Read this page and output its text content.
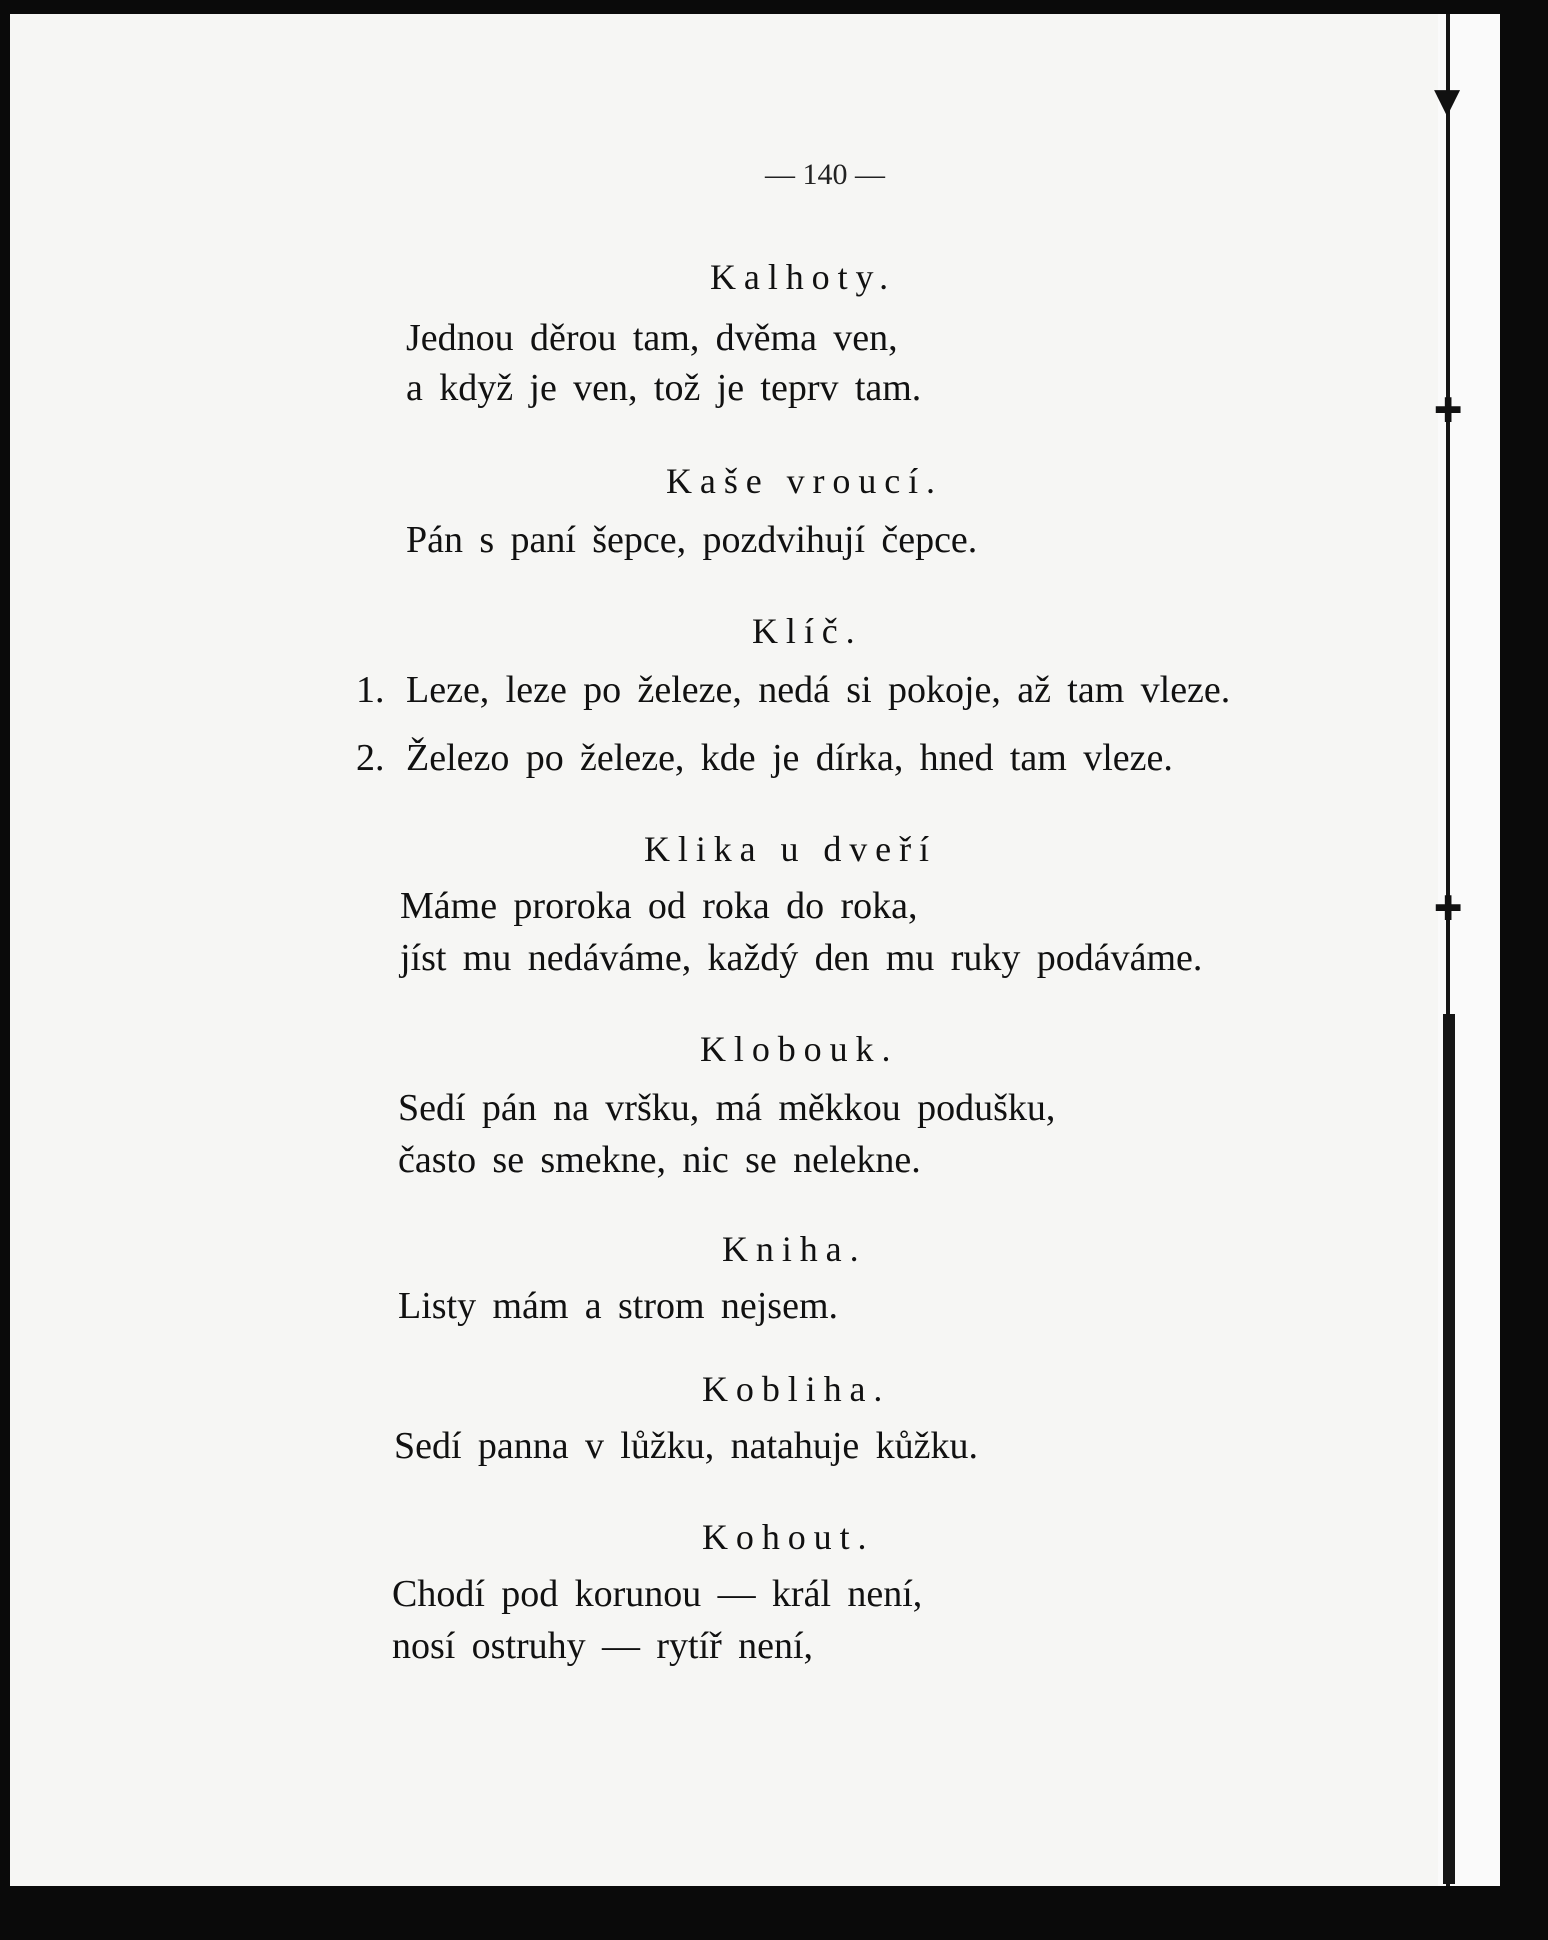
— 140 —
Kalhoty.
Jednou děrou tam, dvěma ven,
a když je ven, tož je teprv tam.
Kaše vroucí.
Pán s paní šepce, pozdvihují čepce.
Klíč.
1. Leze, leze po železe, nedá si pokoje, až tam vleze.
2. Železo po železe, kde je dírka, hned tam vleze.
Klika u dveří
Máme proroka od roka do roka,
jíst mu nedáváme, každý den mu ruky podáváme.
Klobouk.
Sedí pán na vršku, má měkkou podušku,
často se smekne, nic se nelekne.
Kniha.
Listy mám a strom nejsem.
Kobliha.
Sedí panna v lůžku, natahuje kůžku.
Kohout.
Chodí pod korunou — král není,
nosí ostruhy — rytíř není,
▼
✚
✚
